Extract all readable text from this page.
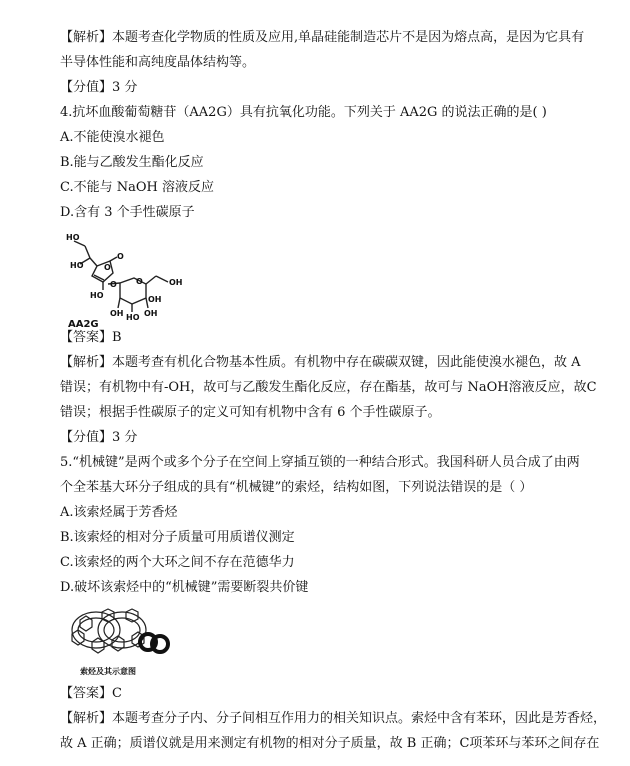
【解析】本题考查化学物质的性质及应用,单晶硅能制造芯片不是因为熔点高，是因为它具有
半导体性能和高纯度晶体结构等。
【分值】3 分
4.抗坏血酸葡萄糖苷（AA2G）具有抗氧化功能。下列关于 AA2G 的说法正确的是( )
A.不能使溴水褪色
B.能与乙酸发生酯化反应
C.不能与 NaOH 溶液反应
D.含有 3 个手性碳原子
HO
HO	O
O
HO
O O	OH
OH HO OH
OH
AA2G
【答案】B
【解析】本题考查有机化合物基本性质。有机物中存在碳碳双键，因此能使溴水褪色，故 A
错误；有机物中有-OH，故可与乙酸发生酯化反应，存在酯基，故可与 NaOH溶液反应，故C
错误；根据手性碳原子的定义可知有机物中含有 6 个手性碳原子。
【分值】3 分
5.“机械键”是两个或多个分子在空间上穿插互锁的一种结合形式。我国科研人员合成了由两
个全苯基大环分子组成的具有“机械键”的索烃，结构如图，下列说法错误的是（ ）
A.该索烃属于芳香烃
B.该索烃的相对分子质量可用质谱仪测定
C.该索烃的两个大环之间不存在范德华力
D.破坏该索烃中的“机械键”需要断裂共价键
索烃及其示意图
【答案】C
【解析】本题考查分子内、分子间相互作用力的相关知识点。索烃中含有苯环，因此是芳香烃，
故 A 正确；质谱仪就是用来测定有机物的相对分子质量，故 B 正确；C项苯环与苯环之间存在
